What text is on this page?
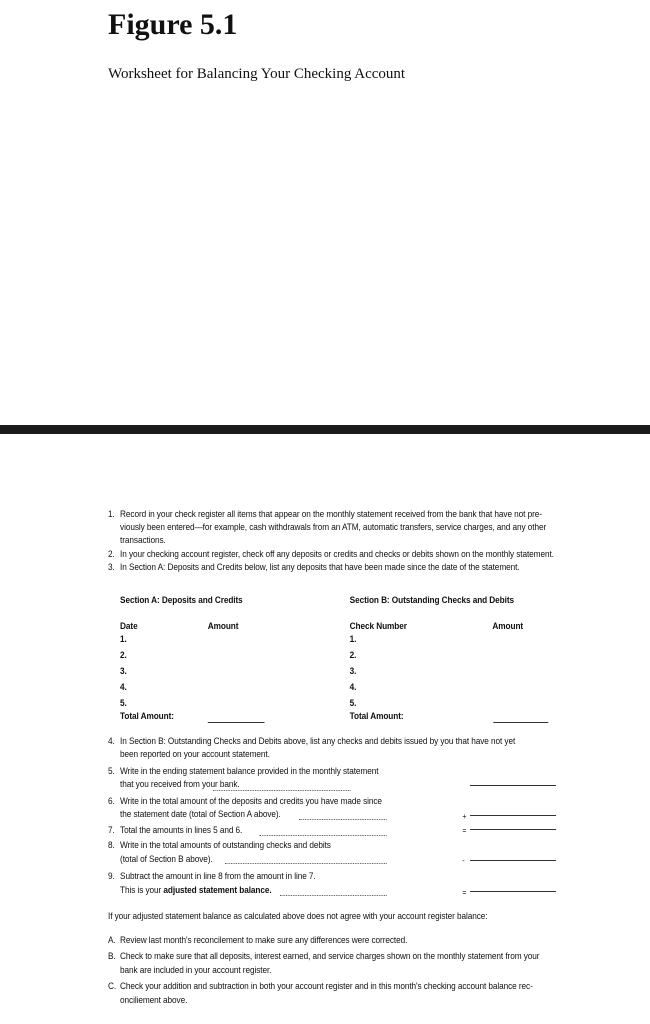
Figure 5.1
Worksheet for Balancing Your Checking Account
1. Record in your check register all items that appear on the monthly statement received from the bank that have not pre-
viously been entered—for example, cash withdrawals from an ATM, automatic transfers, service charges, and any other
transactions.
2. In your checking account register, check off any deposits or credits and checks or debits shown on the monthly statement.
3. In Section A: Deposits and Credits below, list any deposits that have been made since the date of the statement.
Section A: Deposits and Credits
Date	Amount
1.
2.
3.
4.
5.
Total Amount:
Section B: Outstanding Checks and Debits
Check Number	Amount
1.
2.
3.
4.
5.
Total Amount:
4. In Section B: Outstanding Checks and Debits above, list any checks and debits issued by you that have not yet
been reported on your account statement.
5. Write in the ending statement balance provided in the monthly statement
that you received from your bank.
6. Write in the total amount of the deposits and credits you have made since
the statement date (total of Section A above).	+
7. Total the amounts in lines 5 and 6.	=
8. Write in the total amounts of outstanding checks and debits
(total of Section B above).	-
9. Subtract the amount in line 8 from the amount in line 7.
This is your adjusted statement balance.	=
If your adjusted statement balance as calculated above does not agree with your account register balance:
A. Review last month's reconcilement to make sure any differences were corrected.
B. Check to make sure that all deposits, interest earned, and service charges shown on the monthly statement from your
bank are included in your account register.
C. Check your addition and subtraction in both your account register and in this month's checking account balance rec-
onciliement above.
